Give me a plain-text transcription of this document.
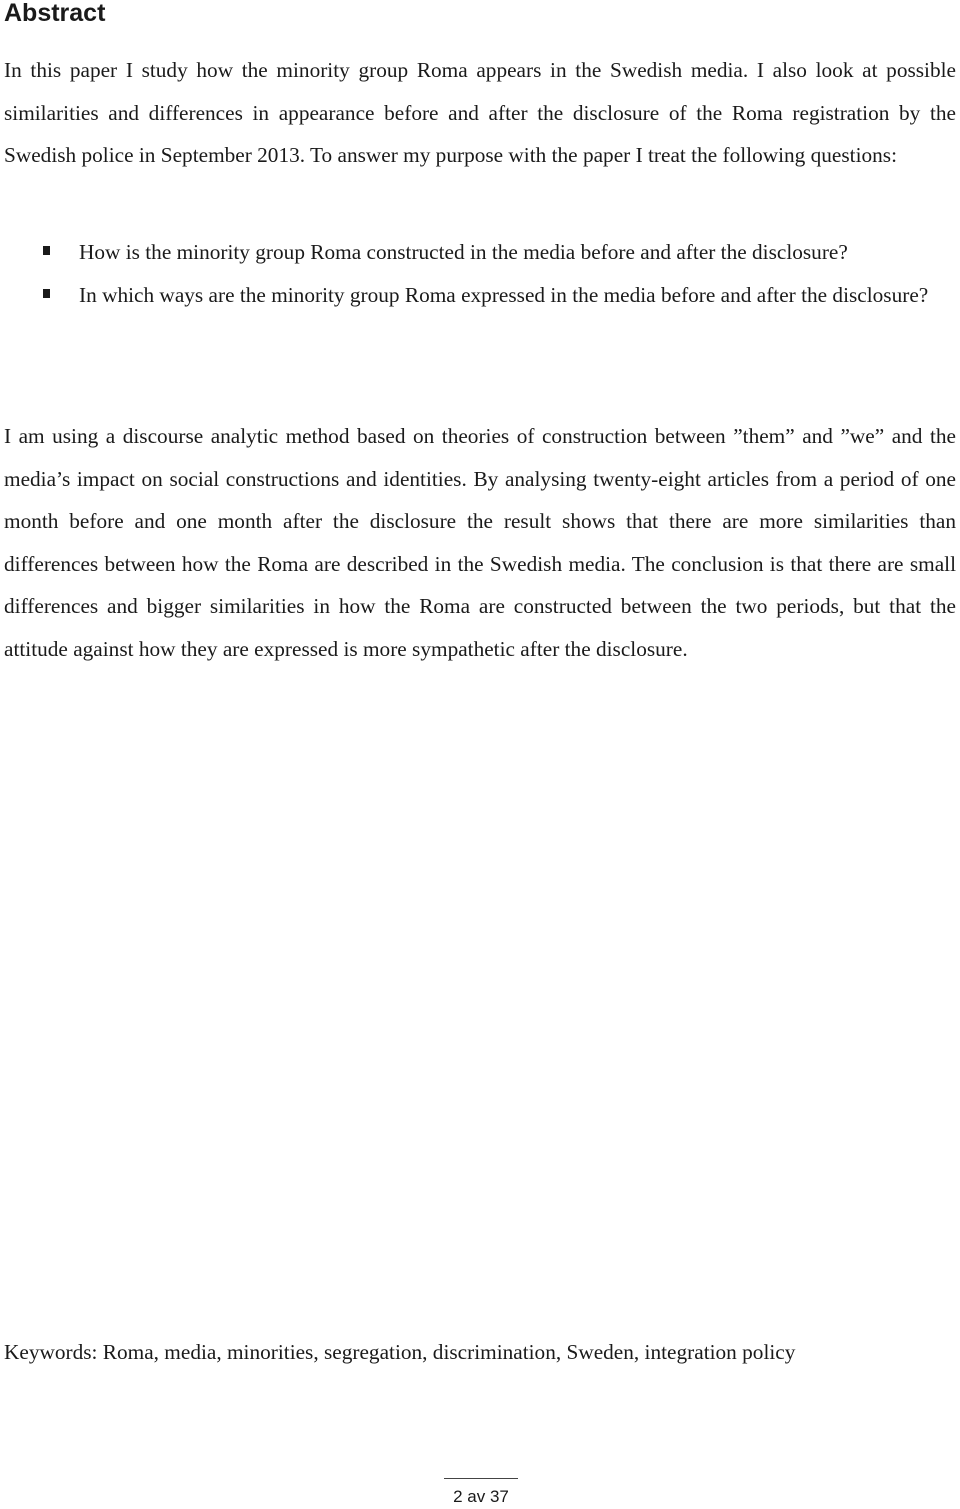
Abstract

In this paper I study how the minority group Roma appears in the Swedish media. I also look at possible similarities and differences in appearance before and after the disclosure of the Roma registration by the Swedish police in September 2013. To answer my purpose with the paper I treat the following questions:

How is the minority group Roma constructed in the media before and after the disclosure?
In which ways are the minority group Roma expressed in the media before and after the disclosure?

I am using a discourse analytic method based on theories of construction between ”them” and ”we” and the media’s impact on social constructions and identities. By analysing twenty-eight articles from a period of one month before and one month after the disclosure the result shows that there are more similarities than differences between how the Roma are described in the Swedish media. The conclusion is that there are small differences and bigger similarities in how the Roma are constructed between the two periods, but that the attitude against how they are expressed is more sympathetic after the disclosure.

Keywords: Roma, media, minorities, segregation, discrimination, Sweden, integration policy

2 av 37
